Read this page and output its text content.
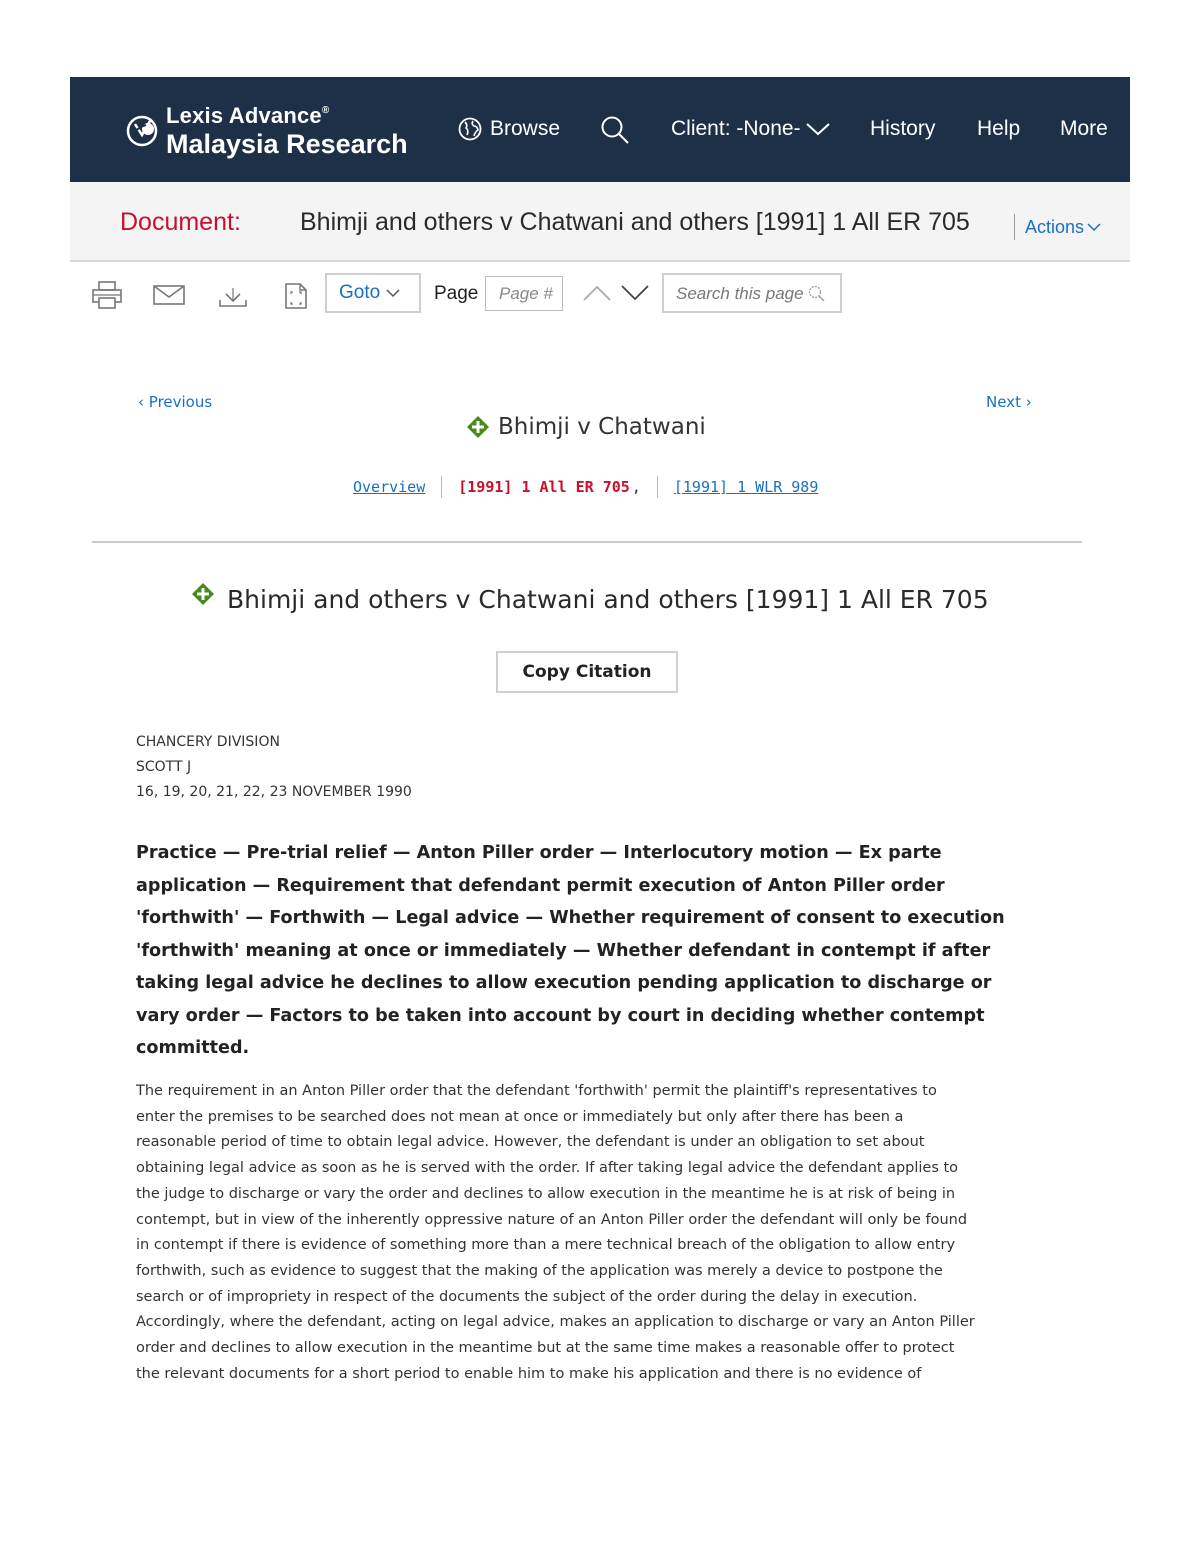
Lexis Advance®
Malaysia Research
Browse	Client: -None-	History Help More
Document: Bhimji and others v Chatwani and others [1991] 1 All ER 705	Actions
Goto	Page
Page #
Search this page
‹ Previous	Next ›
Bhimji v Chatwani
Overview [1991] 1 All ER 705 , [1991] 1 WLR 989
Bhimji and others v Chatwani and others [1991] 1 All ER 705
Copy Citation
CHANCERY DIVISION
SCOTT J
16, 19, 20, 21, 22, 23 NOVEMBER 1990
Practice — Pre-trial relief — Anton Piller order — Interlocutory motion — Ex parte
application — Requirement that defendant permit execution of Anton Piller order
'forthwith' — Forthwith — Legal advice — Whether requirement of consent to execution
'forthwith' meaning at once or immediately — Whether defendant in contempt if after
taking legal advice he declines to allow execution pending application to discharge or
vary order — Factors to be taken into account by court in deciding whether contempt
committed.
The requirement in an Anton Piller order that the defendant 'forthwith' permit the plaintiff's representatives to
enter the premises to be searched does not mean at once or immediately but only after there has been a
reasonable period of time to obtain legal advice. However, the defendant is under an obligation to set about
obtaining legal advice as soon as he is served with the order. If after taking legal advice the defendant applies to
the judge to discharge or vary the order and declines to allow execution in the meantime he is at risk of being in
contempt, but in view of the inherently oppressive nature of an Anton Piller order the defendant will only be found
in contempt if there is evidence of something more than a mere technical breach of the obligation to allow entry
forthwith, such as evidence to suggest that the making of the application was merely a device to postpone the
search or of impropriety in respect of the documents the subject of the order during the delay in execution.
Accordingly, where the defendant, acting on legal advice, makes an application to discharge or vary an Anton Piller
order and declines to allow execution in the meantime but at the same time makes a reasonable offer to protect
the relevant documents for a short period to enable him to make his application and there is no evidence of
